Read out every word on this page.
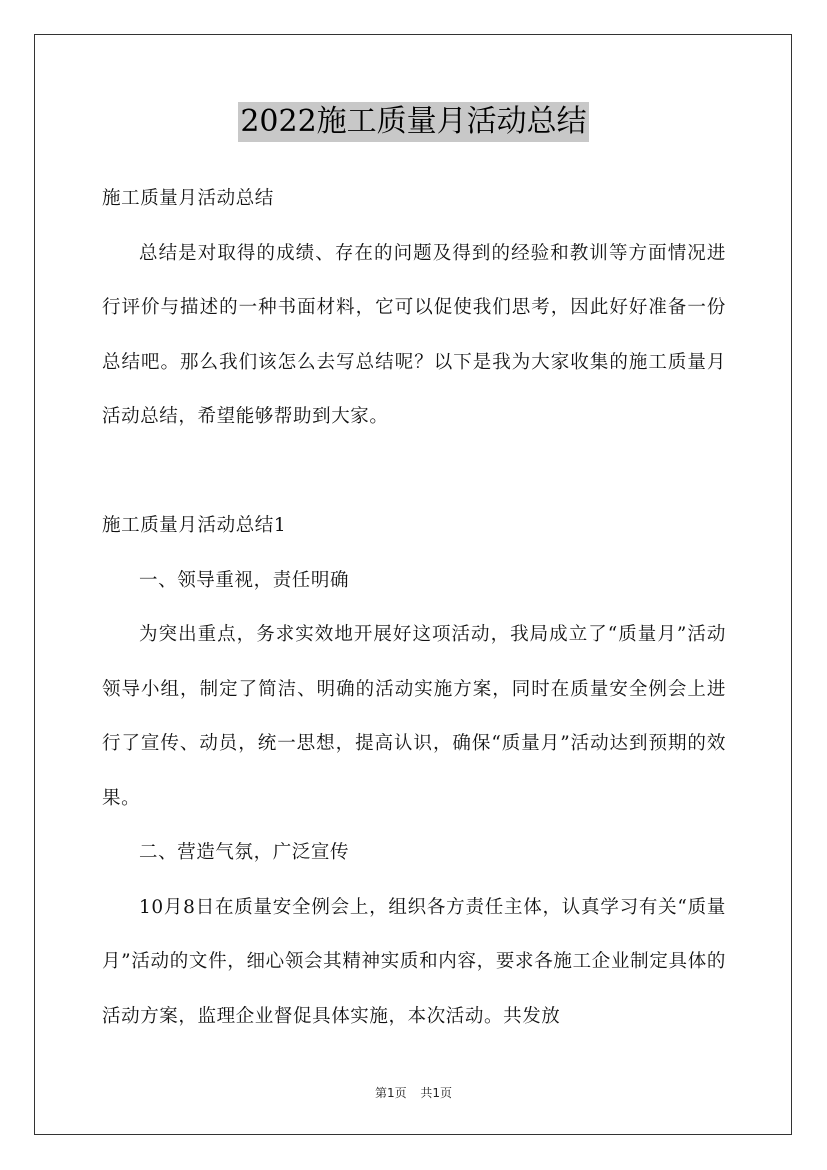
2022施工质量月活动总结

施工质量月活动总结

总结是对取得的成绩、存在的问题及得到的经验和教训等方面情况进行评价与描述的一种书面材料，它可以促使我们思考，因此好好准备一份总结吧。那么我们该怎么去写总结呢？以下是我为大家收集的施工质量月活动总结，希望能够帮助到大家。

施工质量月活动总结1

一、领导重视，责任明确

为突出重点，务求实效地开展好这项活动，我局成立了“质量月”活动领导小组，制定了简洁、明确的活动实施方案，同时在质量安全例会上进行了宣传、动员，统一思想，提高认识，确保“质量月”活动达到预期的效果。

二、营造气氛，广泛宣传

10月8日在质量安全例会上，组织各方责任主体，认真学习有关“质量月”活动的文件，细心领会其精神实质和内容，要求各施工企业制定具体的活动方案，监理企业督促具体实施，本次活动。共发放

第1页 共1页
